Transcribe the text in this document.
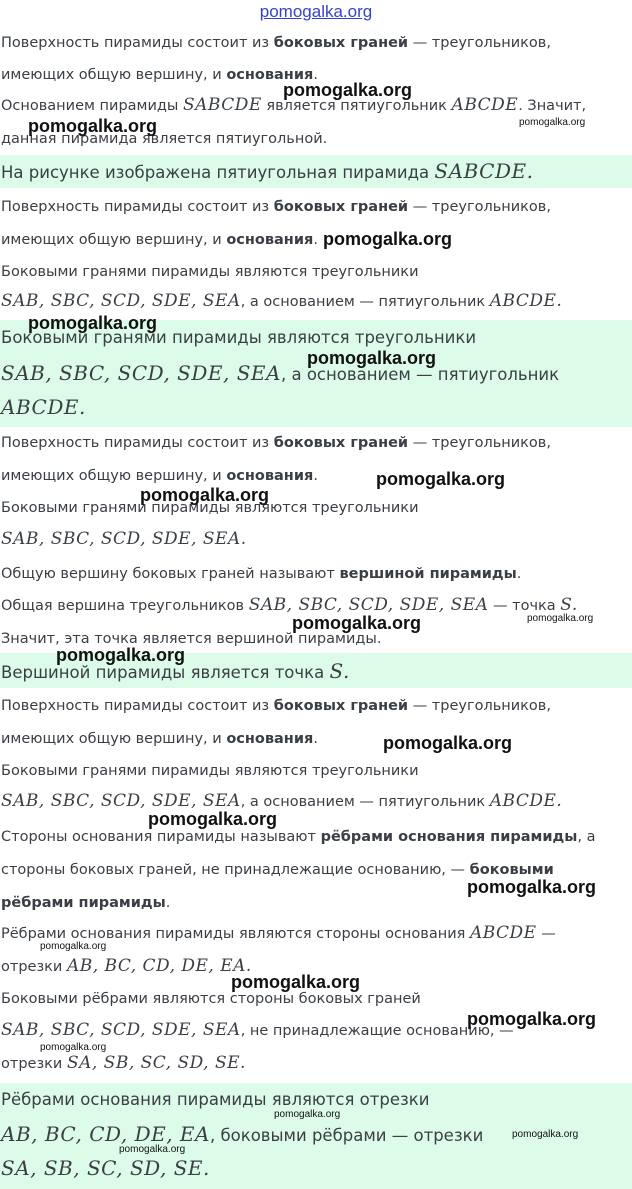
pomogalka.org
Поверхность пирамиды состоит из боковых граней — треугольников,
имеющих общую вершину, и основания.
Основанием пирамиды SABCDE является пятиугольник ABCDE. Значит,
данная пирамида является пятиугольной.
На рисунке изображена пятиугольная пирамида SABCDE.
Поверхность пирамиды состоит из боковых граней — треугольников,
имеющих общую вершину, и основания.
Боковыми гранями пирамиды являются треугольники
SAB, SBC, SCD, SDE, SEA, а основанием — пятиугольник ABCDE.
Боковыми гранями пирамиды являются треугольники
SAB, SBC, SCD, SDE, SEA, а основанием — пятиугольник
ABCDE.
Поверхность пирамиды состоит из боковых граней — треугольников,
имеющих общую вершину, и основания.
Боковыми гранями пирамиды являются треугольники
SAB, SBC, SCD, SDE, SEA.
Общую вершину боковых граней называют вершиной пирамиды.
Общая вершина треугольников SAB, SBC, SCD, SDE, SEA — точка S.
Значит, эта точка является вершиной пирамиды.
Вершиной пирамиды является точка S.
Поверхность пирамиды состоит из боковых граней — треугольников,
имеющих общую вершину, и основания.
Боковыми гранями пирамиды являются треугольники
SAB, SBC, SCD, SDE, SEA, а основанием — пятиугольник ABCDE.
Стороны основания пирамиды называют рёбрами основания пирамиды, а
стороны боковых граней, не принадлежащие основанию, — боковыми
рёбрами пирамиды.
Рёбрами основания пирамиды являются стороны основания ABCDE —
отрезки AB, BC, CD, DE, EA.
Боковыми рёбрами являются стороны боковых граней
SAB, SBC, SCD, SDE, SEA, не принадлежащие основанию, —
отрезки SA, SB, SC, SD, SE.
Рёбрами основания пирамиды являются отрезки
AB, BC, CD, DE, EA, боковыми рёбрами — отрезки
SA, SB, SC, SD, SE.
pomogalka.org
pomogalka.org	pomogalka.org
pomogalka.org
pomogalka.org
pomogalka.org
pomogalka.org
pomogalka.org
pomogalka.org
pomogalka.org
pomogalka.org
pomogalka.org
pomogalka.org
pomogalka.org
pomogalka.org
pomogalka.org
pomogalka.org
pomogalka.org
pomogalka.org
pomogalka.org
pomogalka.org
